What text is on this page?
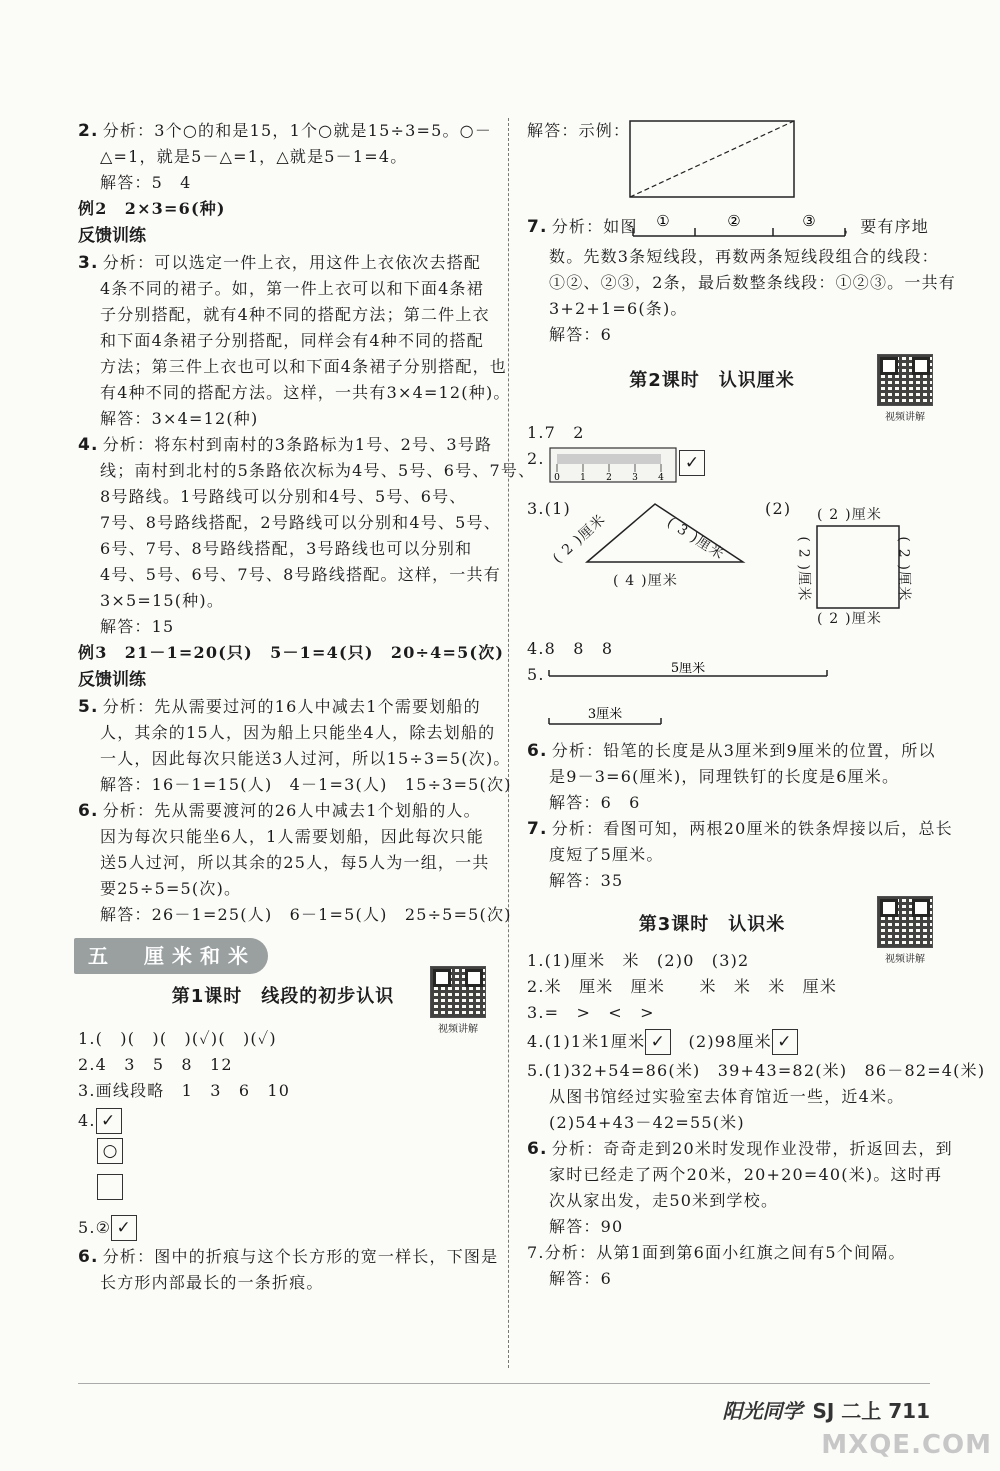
2. 分析：3个○的和是15，1个○就是15÷3=5。○－
△=1，就是5－△=1，△就是5－1=4。
解答：5　4
例2　2×3=6(种)
反馈训练
3. 分析：可以选定一件上衣，用这件上衣依次去搭配
4条不同的裙子。如，第一件上衣可以和下面4条裙
子分别搭配，就有4种不同的搭配方法；第二件上衣
和下面4条裙子分别搭配，同样会有4种不同的搭配
方法；第三件上衣也可以和下面4条裙子分别搭配，也
有4种不同的搭配方法。这样，一共有3×4=12(种)。
解答：3×4=12(种)
4. 分析：将东村到南村的3条路标为1号、2号、3号路
线；南村到北村的5条路依次标为4号、5号、6号、7号、
8号路线。1号路线可以分别和4号、5号、6号、
7号、8号路线搭配，2号路线可以分别和4号、5号、
6号、7号、8号路线搭配，3号路线也可以分别和
4号、5号、6号、7号、8号路线搭配。这样，一共有
3×5=15(种)。
解答：15
例3　21－1=20(只)　5－1=4(只)　20÷4=5(次)
反馈训练
5. 分析：先从需要过河的16人中减去1个需要划船的
人，其余的15人，因为船上只能坐4人，除去划船的
一人，因此每次只能送3人过河，所以15÷3=5(次)。
解答：16－1=15(人)　4－1=3(人)　15÷3=5(次)
6. 分析：先从需要渡河的26人中减去1个划船的人。
因为每次只能坐6人，1人需要划船，因此每次只能
送5人过河，所以其余的25人，每5人为一组，一共
要25÷5=5(次)。
解答：26－1=25(人)　6－1=5(人)　25÷5=5(次)
五　厘米和米
第1课时　线段的初步认识
视频讲解
1.(　)(　)(　)(✓)(　)(✓)
2.4　3　5　8　12
3.画线段略　1　3　6　10
4. ✓
○
5.② ✓
6. 分析：图中的折痕与这个长方形的宽一样长，下图是
长方形内部最长的一条折痕。
解答：示例：
7. 分析：如图 ①	②	③ ，要有序地
数。先数3条短线段，再数两条短线段组合的线段：
①②、②③，2条，最后数整条线段：①②③。一共有
3+2+1=6(条)。
解答：6
第2课时　认识厘米
视频讲解
1.7　2
2.
0 1 2 3 4
✓
3.(1)
( 2 )厘米	( 3 )厘米
( 4 )厘米
(2) ( 2 )厘米
( 2 )厘米	( 2 )厘米
( 2 )厘米
4.8　8　8
5.	5厘米
3厘米
6. 分析：铅笔的长度是从3厘米到9厘米的位置，所以
是9－3=6(厘米)，同理铁钉的长度是6厘米。
解答：6　6
7. 分析：看图可知，两根20厘米的铁条焊接以后，总长
度短了5厘米。
解答：35
第3课时　认识米
视频讲解
1.(1)厘米　米　(2)0　(3)2
2.米　厘米　厘米　　米　米　米　厘米
3.=　>　<　>
4.(1)1米1厘米 ✓　 (2)98厘米 ✓
5.(1)32+54=86(米)　39+43=82(米)　86－82=4(米)
从图书馆经过实验室去体育馆近一些，近4米。
(2)54+43－42=55(米)
6. 分析：奇奇走到20米时发现作业没带，折返回去，到
家时已经走了两个20米，20+20=40(米)。这时再
次从家出发，走50米到学校。
解答：90
7.分析：从第1面到第6面小红旗之间有5个间隔。
解答：6
阳光同学 SJ 二上 711
MXQE.COM
